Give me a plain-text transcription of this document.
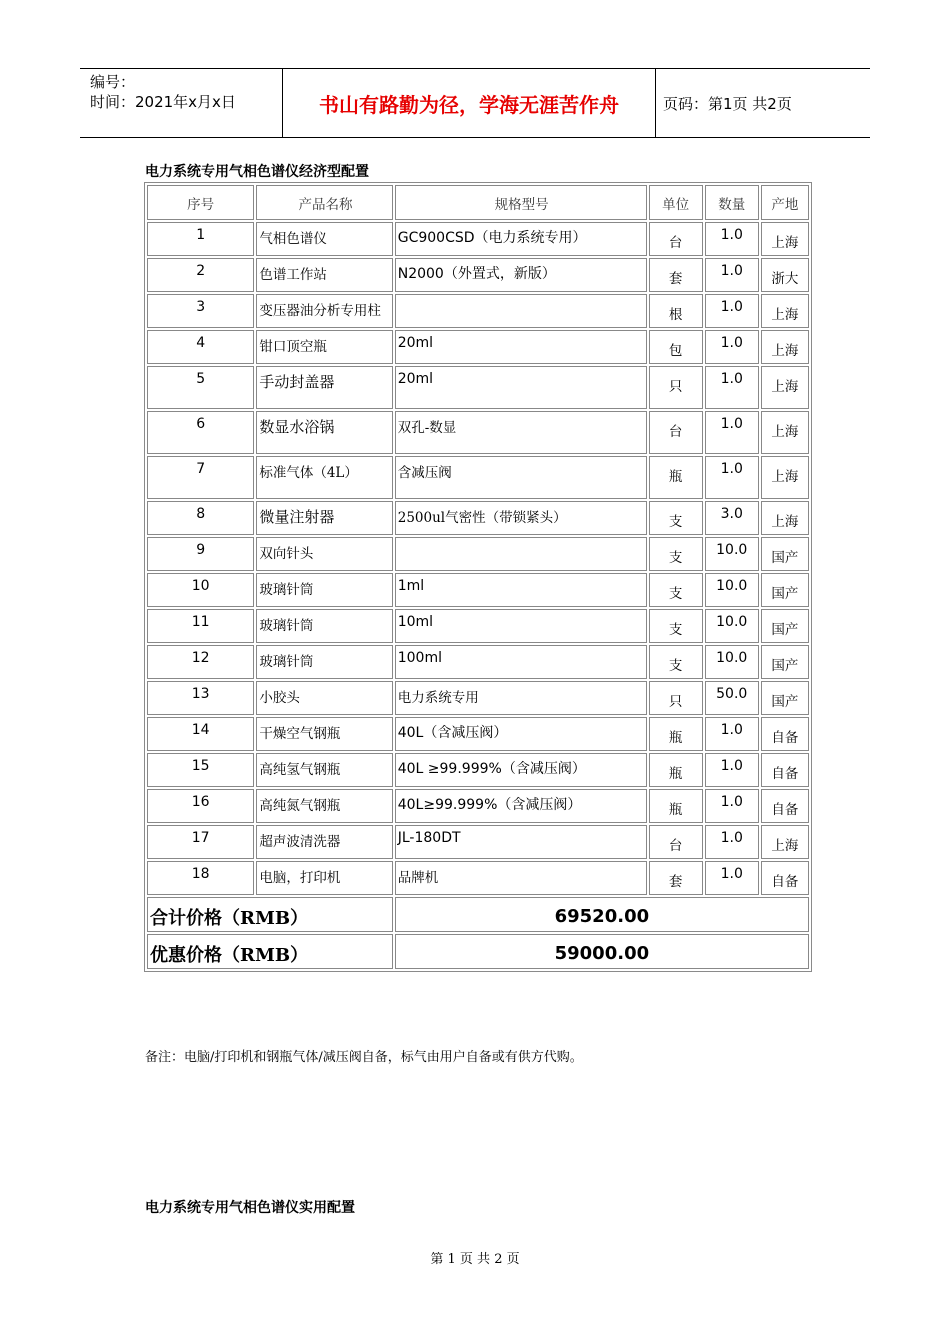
编号：
时间：2021年x月x日	书山有路勤为径，学海无涯苦作舟	页码：第1页 共2页
电力系统专用气相色谱仪经济型配置
序号	产品名称	规格型号	单位	数量	产地
1	气相色谱仪	GC900CSD（电力系统专用）	台	1.0	上海
2	色谱工作站	N2000（外置式，新版）	套	1.0	浙大
3	变压器油分析专用柱		根	1.0	上海
4	钳口顶空瓶	20ml	包	1.0	上海
5	手动封盖器	20ml	只	1.0	上海
6	数显水浴锅	双孔-数显	台	1.0	上海
7	标准气体（4L）	含减压阀	瓶	1.0	上海
8	微量注射器	2500ul气密性（带锁紧头）	支	3.0	上海
9	双向针头		支	10.0	国产
10	玻璃针筒	1ml	支	10.0	国产
11	玻璃针筒	10ml	支	10.0	国产
12	玻璃针筒	100ml	支	10.0	国产
13	小胶头	电力系统专用	只	50.0	国产
14	干燥空气钢瓶	40L（含减压阀）	瓶	1.0	自备
15	高纯氢气钢瓶	40L ≥99.999%（含减压阀）	瓶	1.0	自备
16	高纯氮气钢瓶	40L≥99.999%（含减压阀）	瓶	1.0	自备
17	超声波清洗器	JL-180DT	台	1.0	上海
18	电脑，打印机	品牌机	套	1.0	自备
合计价格（RMB）		69520.00			
优惠价格（RMB）		59000.00			
备注：电脑/打印机和钢瓶气体/减压阀自备，标气由用户自备或有供方代购。
电力系统专用气相色谱仪实用配置
第 1 页 共 2 页
